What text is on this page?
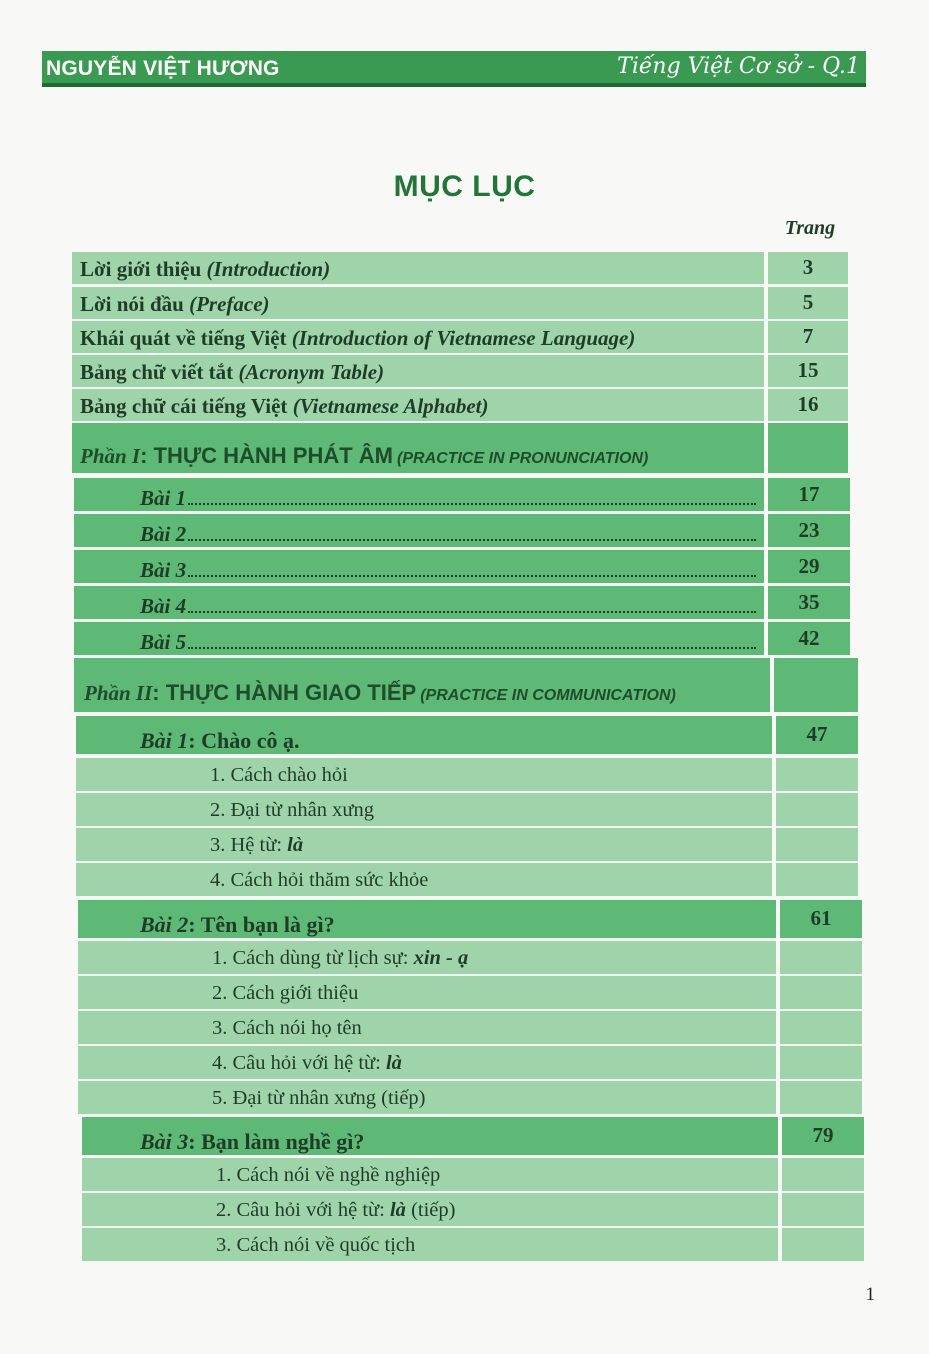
NGUYỄN VIỆT HƯƠNG	Tiếng Việt Cơ sở - Q.1
MỤC LỤC
Trang
Lời giới thiệu (Introduction)	3
Lời nói đầu (Preface)	5
Khái quát về tiếng Việt (Introduction of Vietnamese Language)	7
Bảng chữ viết tắt (Acronym Table)	15
Bảng chữ cái tiếng Việt (Vietnamese Alphabet)	16
Phần I: THỰC HÀNH PHÁT ÂM (PRACTICE IN PRONUNCIATION)
Bài 1	17
Bài 2	23
Bài 3	29
Bài 4	35
Bài 5	42
Phần II: THỰC HÀNH GIAO TIẾP (PRACTICE IN COMMUNICATION)
Bài 1: Chào cô ạ.	47
1. Cách chào hỏi
2. Đại từ nhân xưng
3. Hệ từ: là
4. Cách hỏi thăm sức khỏe
Bài 2: Tên bạn là gì?	61
1. Cách dùng từ lịch sự: xin - ạ
2. Cách giới thiệu
3. Cách nói họ tên
4. Câu hỏi với hệ từ: là
5. Đại từ nhân xưng (tiếp)
Bài 3: Bạn làm nghề gì?	79
1. Cách nói về nghề nghiệp
2. Câu hỏi với hệ từ: là (tiếp)
3. Cách nói về quốc tịch
1
